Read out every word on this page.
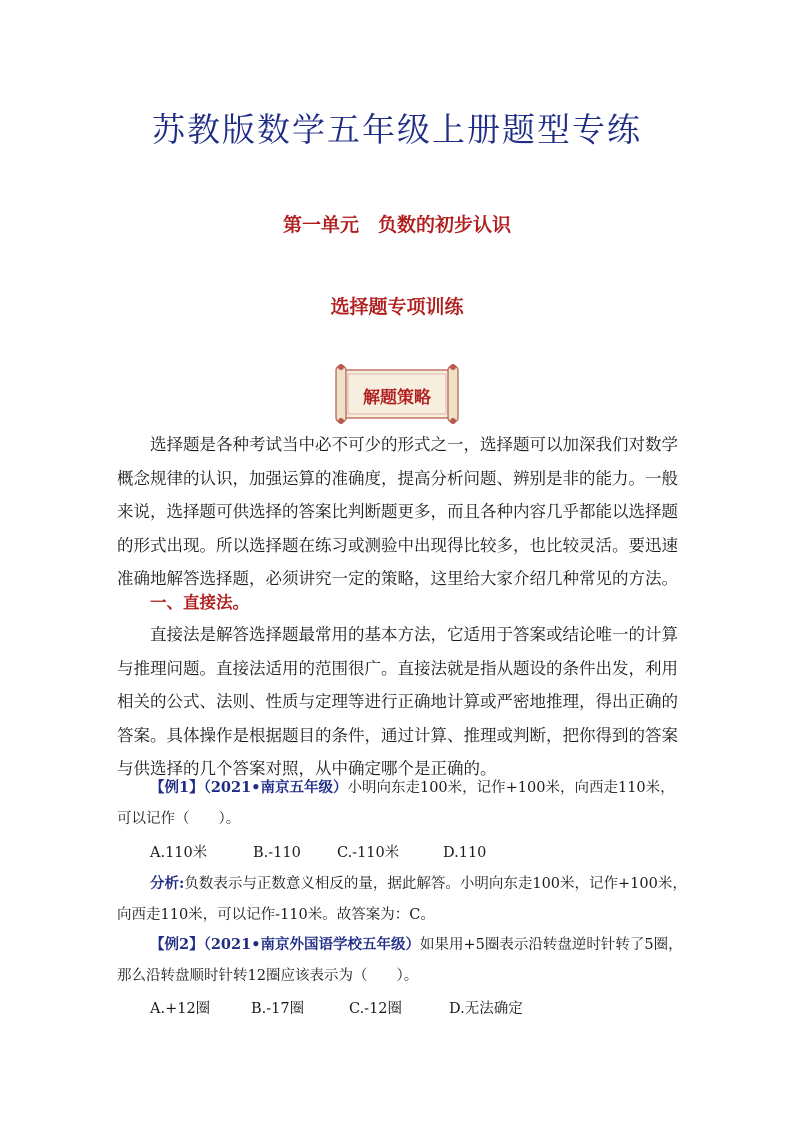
苏教版数学五年级上册题型专练
第一单元　负数的初步认识
选择题专项训练
解题策略

选择题是各种考试当中必不可少的形式之一，选择题可以加深我们对数学概念规律的认识，加强运算的准确度，提高分析问题、辨别是非的能力。一般来说，选择题可供选择的答案比判断题更多，而且各种内容几乎都能以选择题的形式出现。所以选择题在练习或测验中出现得比较多，也比较灵活。要迅速准确地解答选择题，必须讲究一定的策略，这里给大家介绍几种常见的方法。

一、直接法。

直接法是解答选择题最常用的基本方法，它适用于答案或结论唯一的计算与推理问题。直接法适用的范围很广。直接法就是指从题设的条件出发，利用相关的公式、法则、性质与定理等进行正确地计算或严密地推理，得出正确的答案。具体操作是根据题目的条件，通过计算、推理或判断，把你得到的答案与供选择的几个答案对照，从中确定哪个是正确的。

【例1】（2021•南京五年级）小明向东走100米，记作+100米，向西走110米，可以记作（　　）。

A.110米	B.-110 C.-110米	D.110

分析:负数表示与正数意义相反的量，据此解答。小明向东走100米，记作+100米，向西走110米，可以记作-110米。故答案为：C。

【例2】（2021•南京外国语学校五年级）如果用+5圈表示沿转盘逆时针转了5圈，那么沿转盘顺时针转12圈应该表示为（　　）。

A.+12圈	B.-17圈	C.-12圈	D.无法确定
